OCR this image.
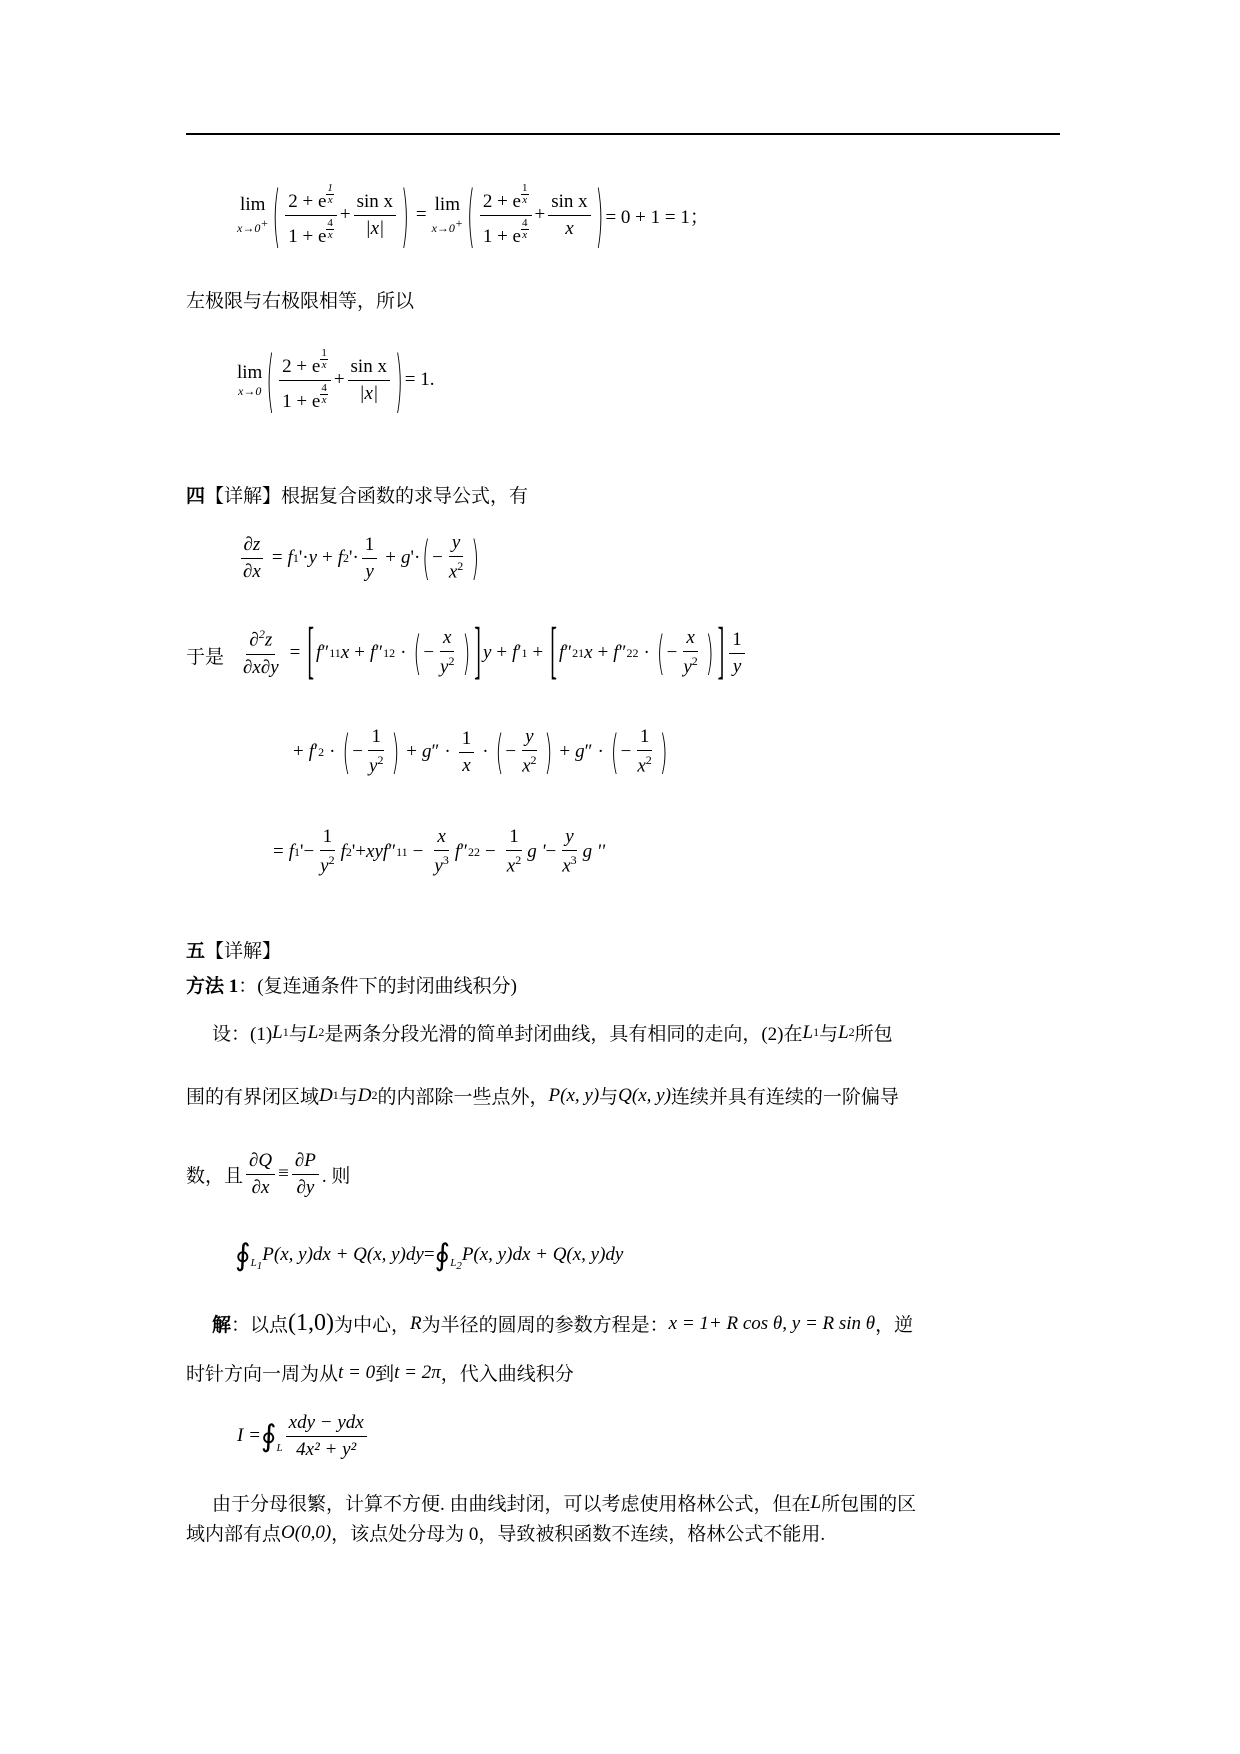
lim
x→0+ ( $\frac{2 + e \frac{1}{x}}{1 + e \frac{4}{x}} + \frac{\text{sin x}}{|x|}$ ) = lim
x→0+ ( $\frac{2 + e \frac{1}{x}}{1 + e \frac{4}{x}} + \frac{\text{sin x}}{x}$ ) = 0 + 1 = 1；
左极限与右极限相等，所以
lim
x→0 ( $\frac{2 + e \frac{1}{x}}{1 + e \frac{4}{x}} + \frac{\text{sin x}}{|x|}$ ) = 1.
四 【详解】 根据复合函数的求导公式，有
$\frac{\partial z}{\partial x} = f$ 1 '· y + f 2 '· $\frac{1}{y} + g$ '· ( − $\frac{y}{x^2}$ )
于是 $\frac{\partial^2z}{\partial x\partial y}$ = [ f ″ 11 x + f ″ 12 · ( − $\frac{x}{y^2}$ ) ] y + f ′ 1 + [ f ″ 21 x + f ″ 22 · ( − $\frac{x}{y^2}$ ) ] $\frac{1}{y}$
+ f ′ 2 · ( − $\frac{1}{y^2}$ ) + g ″ · $\frac{1}{x}$ · ( − $\frac{y}{x^2}$ ) + g ″ · ( − $\frac{1}{x^2}$ )
= f 1 ' − $\frac{1}{y^2}$ f 2 ' + xy f ″ $11 - \frac{x}{y^3}$ f ″ $22 - \frac{1}{x^2}$ g ' − $\frac{y}{x^3}$ g ''
五 【详解】
方法 1 ： (复连通条件下的封闭曲线积分)
设：(1) L 1 与 L 2 是两条分段光滑的简单封闭曲线，具有相同的走向，(2)在 L 1 与 L 2 所包
围的有界闭区域 D 1 与 D 2 的内部除一些点外， P(x, y) 与 Q(x, y) 连续并具有连续的一阶偏导
数，且 $\frac{\partial Q}{\partial x} \equiv \frac{\partial P}{\partial y}$ . 则
∮ $L_1$
P(x, y)dx + Q(x, y)dy = ∮ $L_2$
P(x, y)dx + Q(x, y)dy
解 ： 以点 (1,0) 为中心， R 为半径的圆周的参数方程是： x = 1+ R cos θ, y = R sin θ ，逆
时针方向一周为从 t = 0 到 t = 2π ，代入曲线积分
I = ∮ L $\frac{\text{xdy − ydx}}{\text{4x² + y²}}$
由于分母很繁，计算不方便. 由曲线封闭，可以考虑使用格林公式，但在 L 所包围的区
域内部有点 O(0,0) ，该点处分母为 0，导致被积函数不连续，格林公式不能用.
